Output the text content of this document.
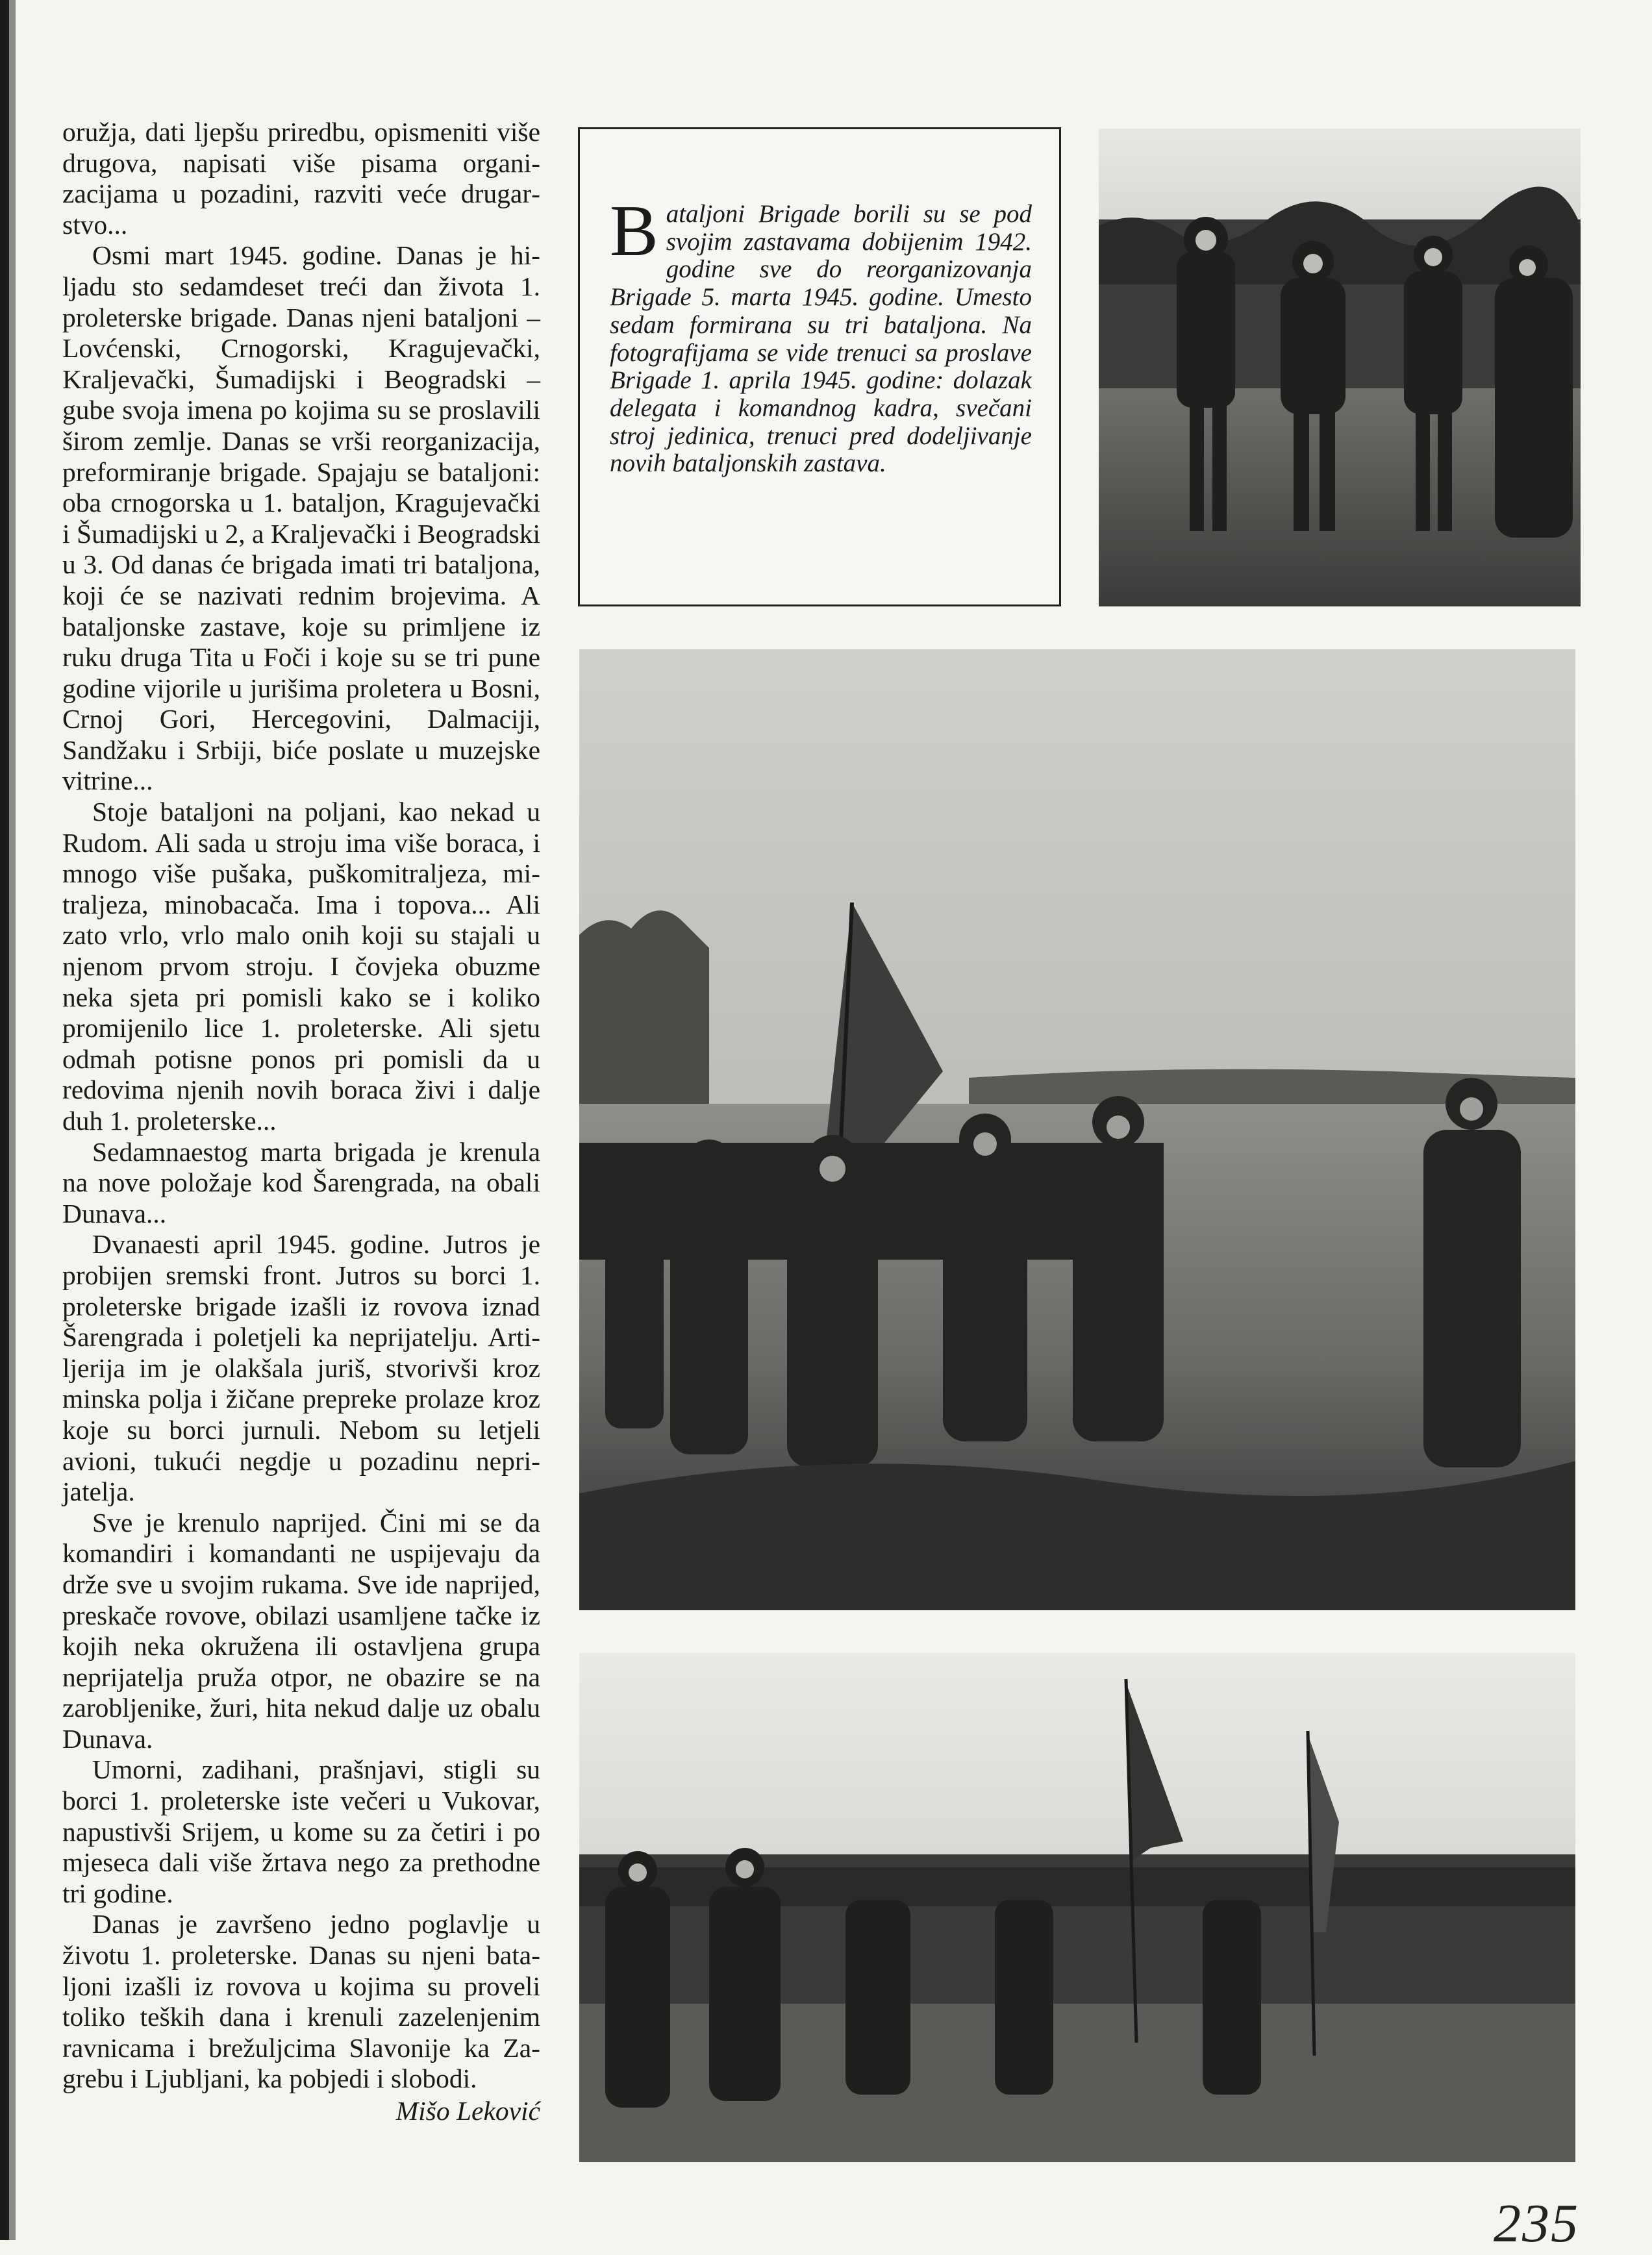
oružja, dati ljepšu priredbu, opismeniti više drugova, napisati više pisama organizacijama u pozadini, razviti veće drugarstvo...

Osmi mart 1945. godine. Danas je hiljadu sto sedamdeset treći dan života 1. proleterske brigade. Danas njeni bataljoni – Lovćenski, Crnogorski, Kragujevački, Kraljevački, Šumadijski i Beogradski – gube svoja imena po kojima su se proslavili širom zemlje. Danas se vrši reorganizacija, preformiranje brigade. Spajaju se bataljoni: oba crnogorska u 1. bataljon, Kragujevački i Šumadijski u 2, a Kraljevački i Beogradski u 3. Od danas će brigada imati tri bataljona, koji će se nazivati rednim brojevima. A bataljonske zastave, koje su primljene iz ruku druga Tita u Foči i koje su se tri pune godine vijorile u jurišima proletera u Bosni, Crnoj Gori, Hercegovini, Dalmaciji, Sandžaku i Srbiji, biće poslate u muzejske vitrine...

Stoje bataljoni na poljani, kao nekad u Rudom. Ali sada u stroju ima više boraca, i mnogo više pušaka, puškomitraljeza, mitraljeza, minobacača. Ima i topova... Ali zato vrlo, vrlo malo onih koji su stajali u njenom prvom stroju. I čovjeka obuzme neka sjeta pri pomisli kako se i koliko promijenilo lice 1. proleterske. Ali sjetu odmah potisne ponos pri pomisli da u redovima njenih novih boraca živi i dalje duh 1. proleterske...

Sedamnaestog marta brigada je krenula na nove položaje kod Šarengrada, na obali Dunava...

Dvanaesti april 1945. godine. Jutros je probijen sremski front. Jutros su borci 1. proleterske brigade izašli iz rovova iznad Šarengrada i poletjeli ka neprijatelju. Artiljerija im je olakšala juriš, stvorivši kroz minska polja i žičane prepreke prolaze kroz koje su borci jurnuli. Nebom su letjeli avioni, tukući negdje u pozadinu neprijatelja.

Sve je krenulo naprijed. Čini mi se da komandiri i komandanti ne uspijevaju da drže sve u svojim rukama. Sve ide naprijed, preskače rovove, obilazi usamljene tačke iz kojih neka okružena ili ostavljena grupa neprijatelja pruža otpor, ne obazire se na zarobljenike, žuri, hita nekud dalje uz obalu Dunava.

Umorni, zadihani, prašnjavi, stigli su borci 1. proleterske iste večeri u Vukovar, napustivši Srijem, u kome su za četiri i po mjeseca dali više žrtava nego za prethodne tri godine.

Danas je završeno jedno poglavlje u životu 1. proleterske. Danas su njeni bataljoni izašli iz rovova u kojima su proveli toliko teških dana i krenuli zazelenjenim ravnicama i brežuljcima Slavonije ka Zagrebu i Ljubljani, ka pobjedi i slobodi.

Mišo Leković
Bataljoni Brigade borili su se pod svojim zastavama dobijenim 1942. godine sve do reorganizovanja Brigade 5. marta 1945. godine. Umesto sedam formirana su tri bataljona. Na fotografijama se vide trenuci sa proslave Brigade 1. aprila 1945. godine: dolazak delegata i komandnog kadra, svečani stroj jedinica, trenuci pred dodeljivanje novih bataljonskih zastava.
235
